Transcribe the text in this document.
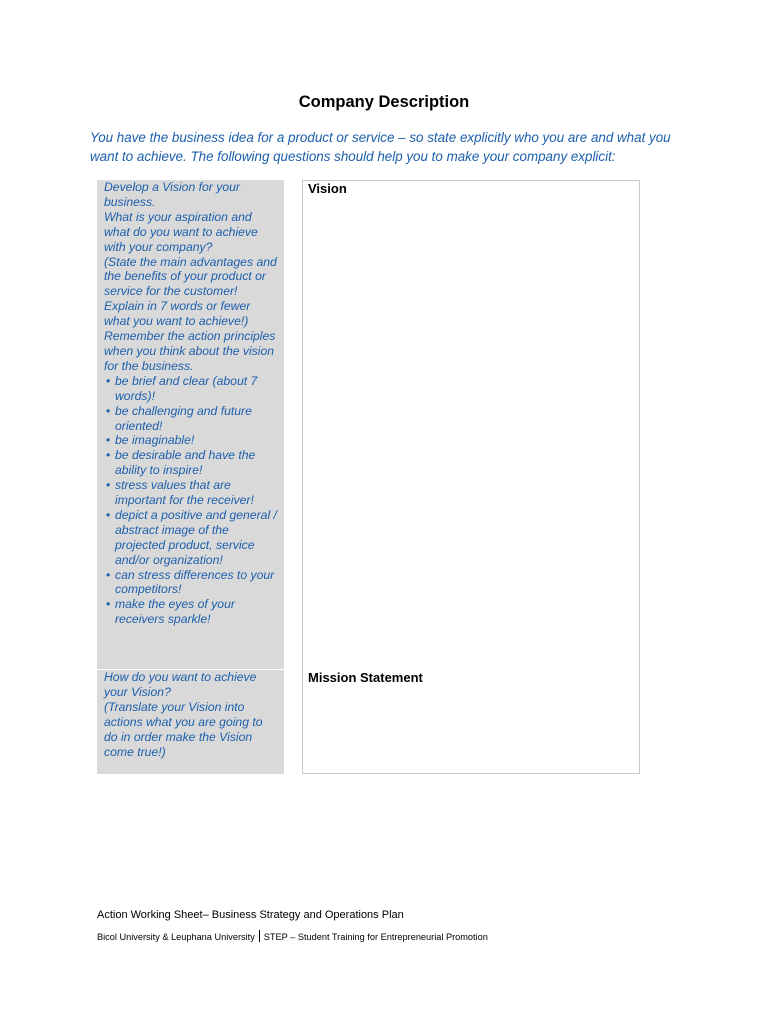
Company Description

You have the business idea for a product or service – so state explicitly who you are and what you want to achieve. The following questions should help you to make your company explicit:

Develop a Vision for your business.

What is your aspiration and what do you want to achieve with your company?

(State the main advantages and the benefits of your product or service for the customer! Explain in 7 words or fewer what you want to achieve!)

Remember the action principles when you think about the vision for the business.

• be brief and clear (about 7 words)!
• be challenging and future oriented!
• be imaginable!
• be desirable and have the ability to inspire!
• stress values that are important for the receiver!
• depict a positive and general / abstract image of the projected product, service and/or organization!
• can stress differences to your competitors!
• make the eyes of your receivers sparkle!

How do you want to achieve your Vision?

(Translate your Vision into actions what you are going to do in order make the Vision come true!)

Vision

Mission Statement

Action Working Sheet– Business Strategy and Operations Plan

Bicol University & Leuphana University STEP – Student Training for Entrepreneurial Promotion
